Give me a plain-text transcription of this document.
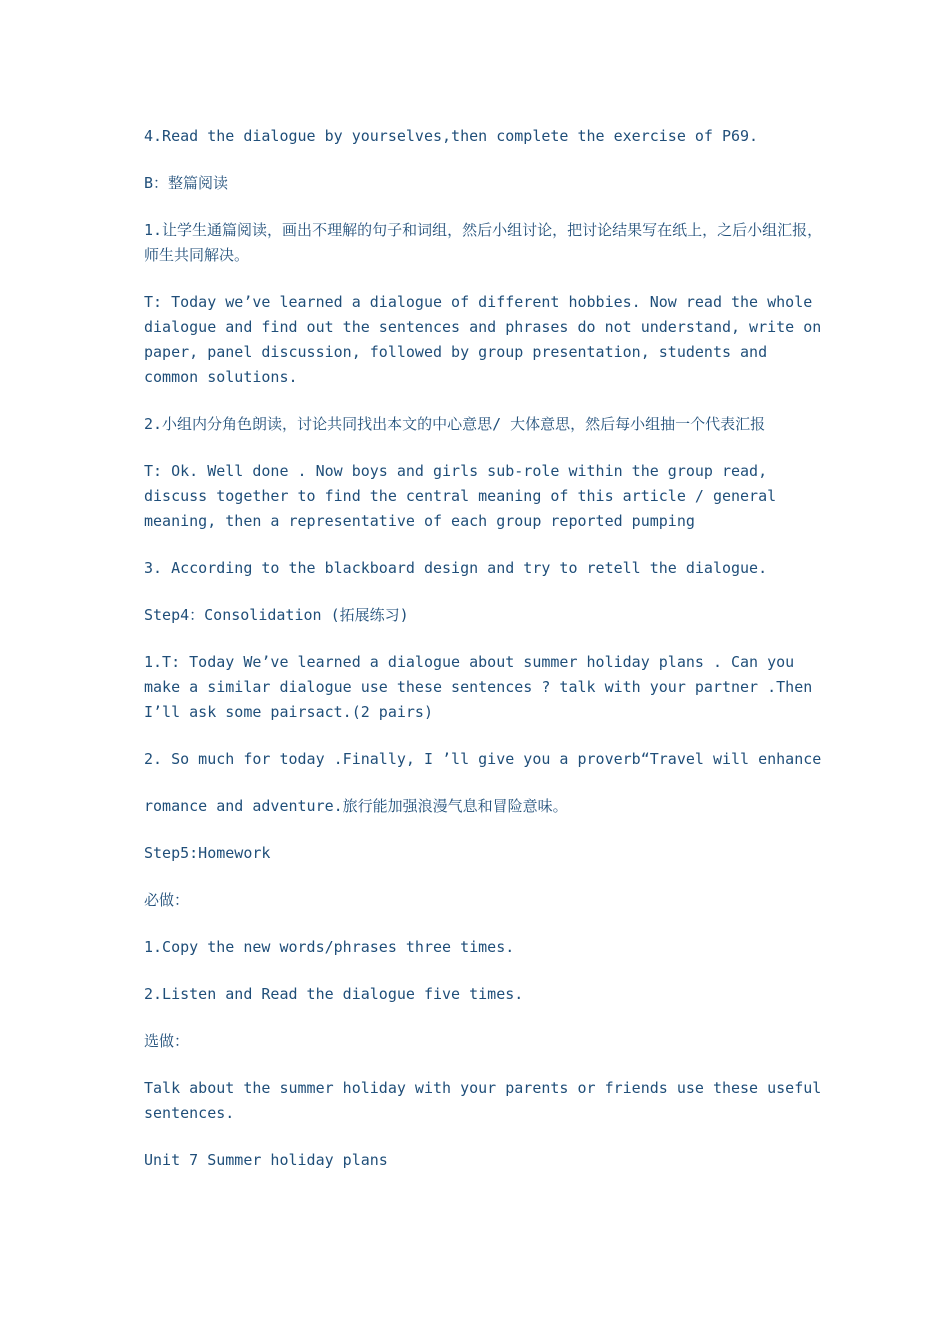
4.Read the dialogue by yourselves,then complete the exercise of P69.

B：整篇阅读

1.让学生通篇阅读，画出不理解的句子和词组，然后小组讨论，把讨论结果写在纸上，之后小组汇报，师生共同解决。

T: Today we’ve learned a dialogue of different hobbies. Now read the whole dialogue and find out the sentences and phrases do not understand, write on paper, panel discussion, followed by group presentation, students and common solutions.

2.小组内分角色朗读，讨论共同找出本文的中心意思/ 大体意思，然后每小组抽一个代表汇报

T: Ok. Well done . Now boys and girls sub-role within the group read, discuss together to find the central meaning of this article / general meaning, then a representative of each group reported pumping

3. According to the blackboard design and try to retell the dialogue.

Step4：Consolidation (拓展练习)

1.T: Today We’ve learned a dialogue about summer holiday plans . Can you make a similar dialogue use these sentences ? talk with your partner .Then I’ll ask some pairsact.(2 pairs)

2. So much for today .Finally, I ’ll give you a proverb“Travel will enhance

romance and adventure.旅行能加强浪漫气息和冒险意味。

Step5:Homework

必做：

1.Copy the new words/phrases three times.

2.Listen and Read the dialogue five times.

选做：

Talk about the summer holiday with your parents or friends use these useful sentences.

Unit 7 Summer holiday plans
